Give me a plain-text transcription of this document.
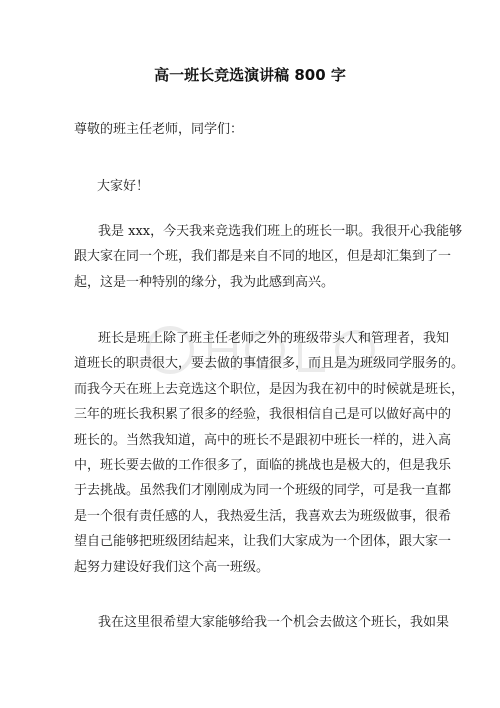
高一班长竞选演讲稿 800 字

尊敬的班主任老师，同学们：

大家好！

我是 xxx，今天我来竞选我们班上的班长一职。我很开心我能够
跟大家在同一个班，我们都是来自不同的地区，但是却汇集到了一
起，这是一种特别的缘分，我为此感到高兴。
班长是班上除了班主任老师之外的班级带头人和管理者，我知
道班长的职责很大，要去做的事情很多，而且是为班级同学服务的。
而我今天在班上去竞选这个职位，是因为我在初中的时候就是班长，
三年的班长我积累了很多的经验，我很相信自己是可以做好高中的
班长的。当然我知道，高中的班长不是跟初中班长一样的，进入高
中，班长要去做的工作很多了，面临的挑战也是极大的，但是我乐
于去挑战。虽然我们才刚刚成为同一个班级的同学，可是我一直都
是一个很有责任感的人，我热爱生活，我喜欢去为班级做事，很希
望自己能够把班级团结起来，让我们大家成为一个团体，跟大家一
起努力建设好我们这个高一班级。
我在这里很希望大家能够给我一个机会去做这个班长，我如果
